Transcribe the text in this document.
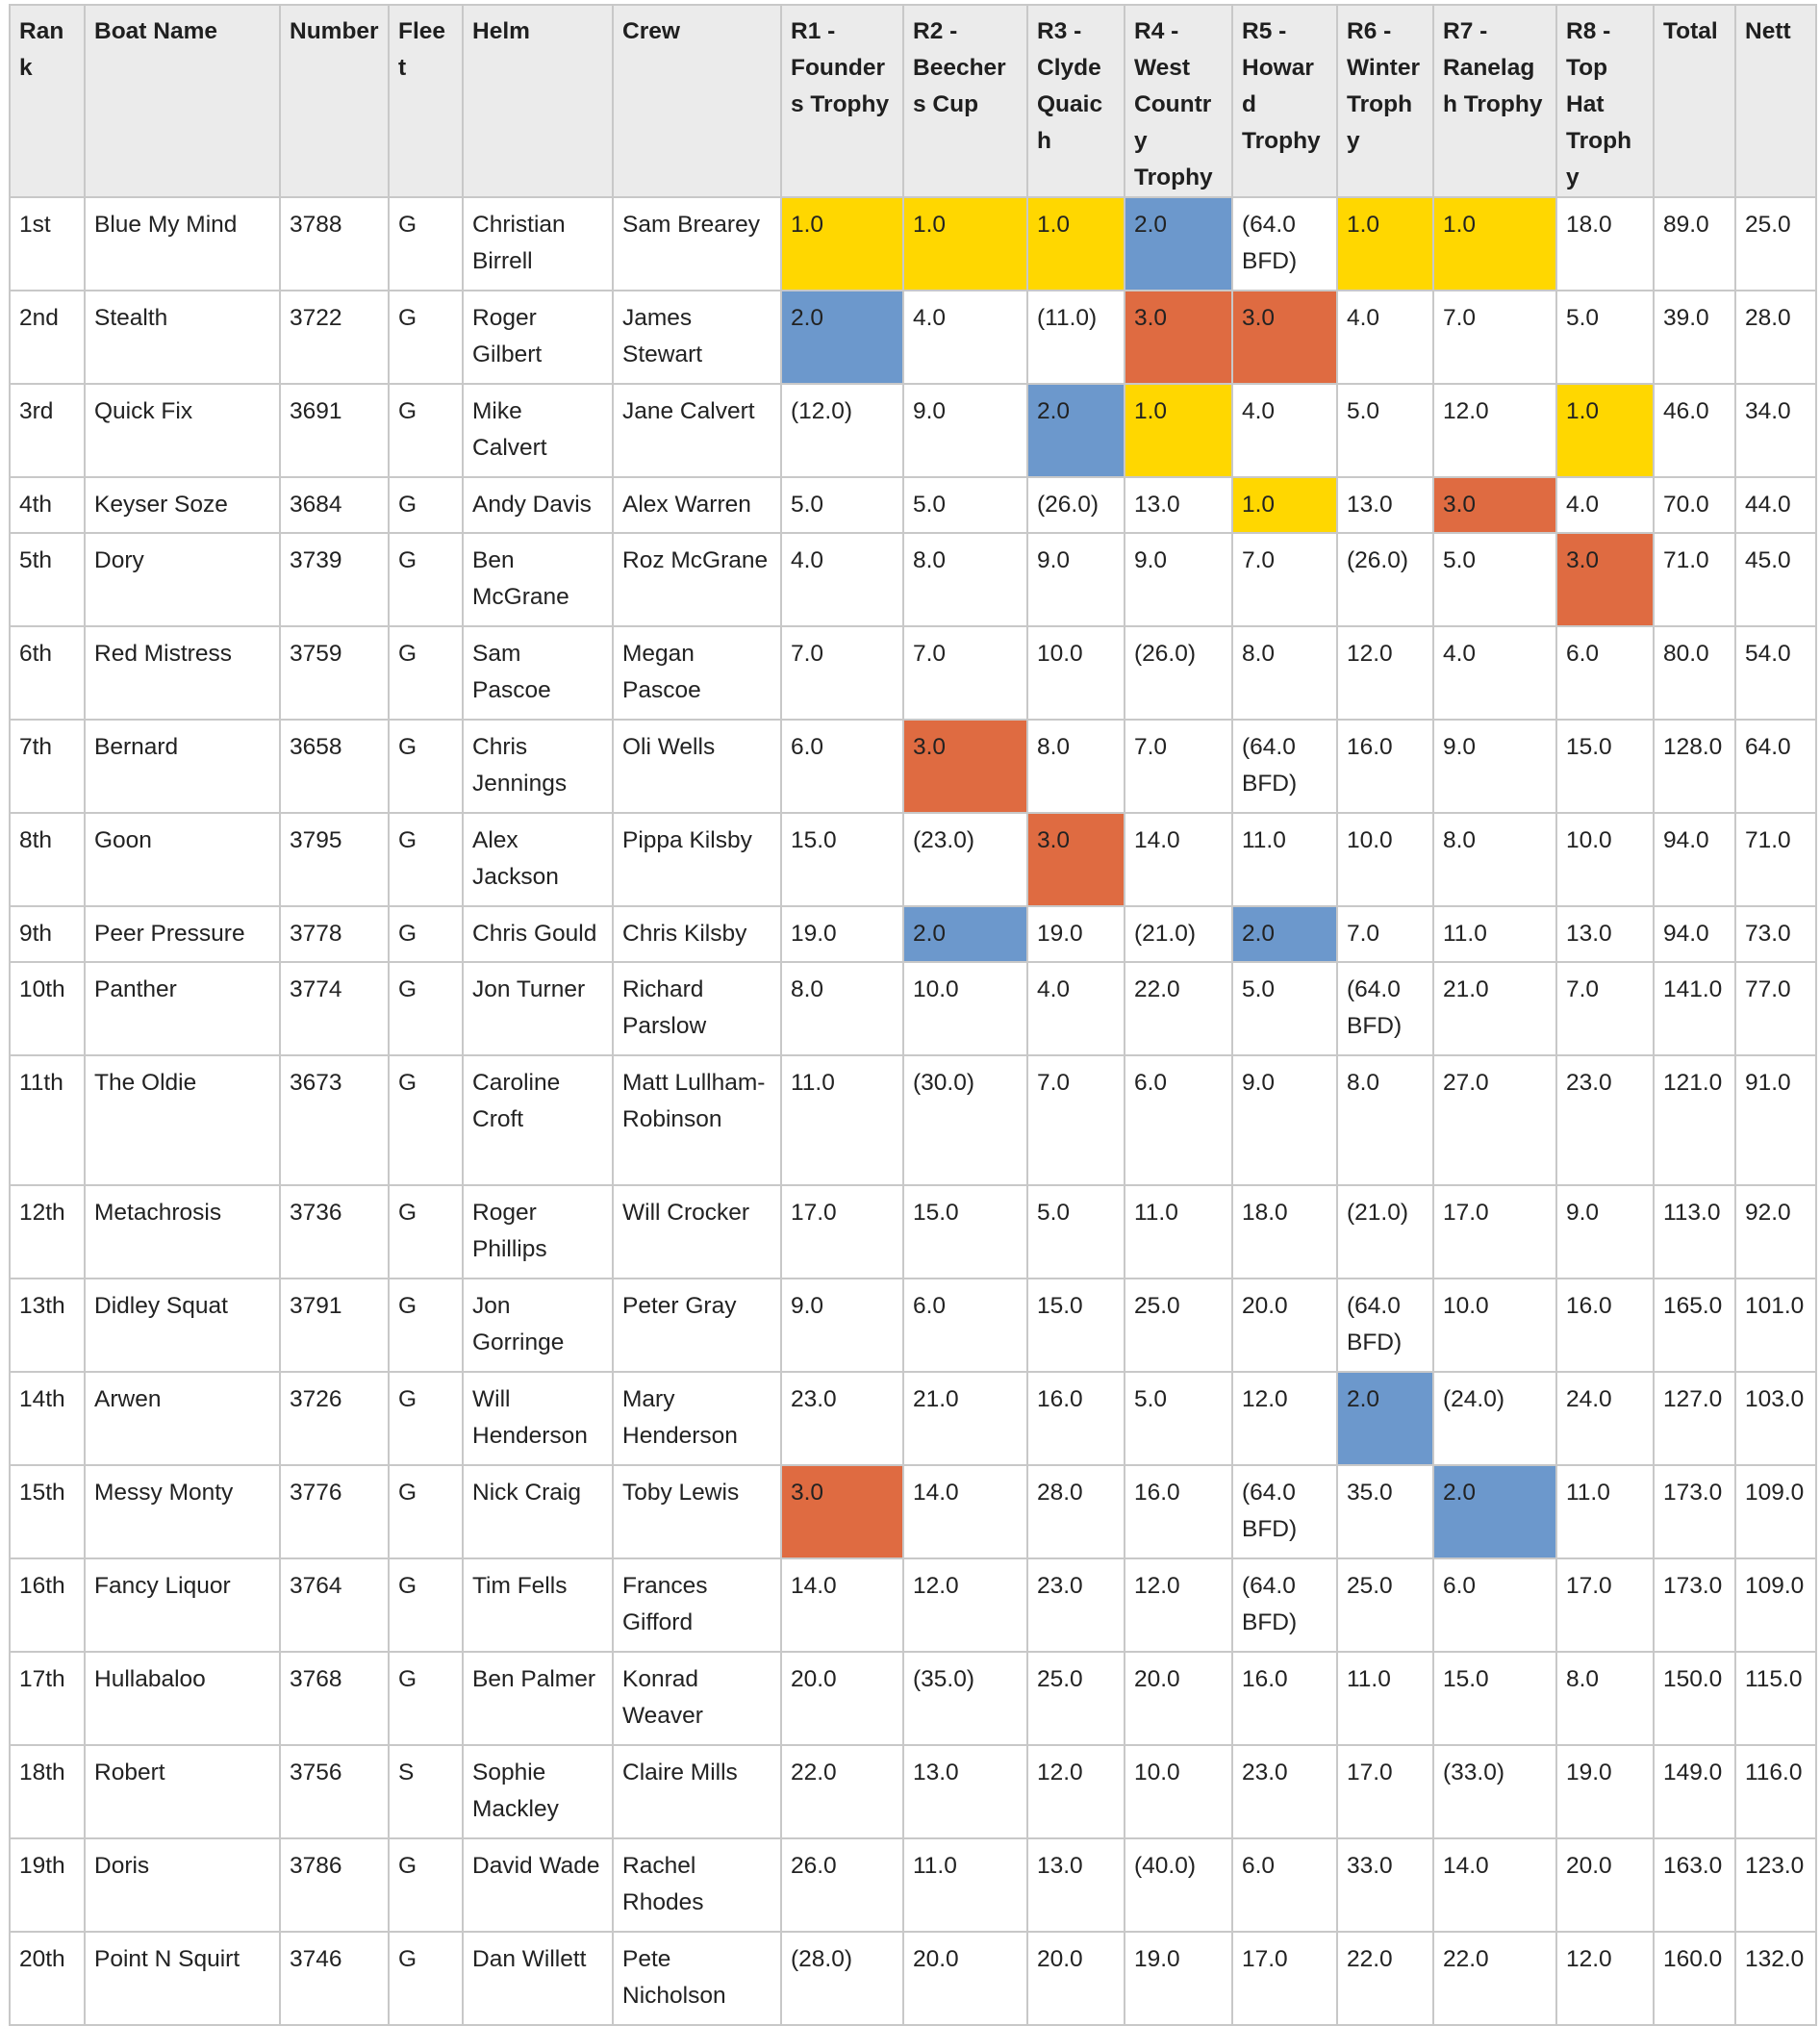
Rank	Boat Name	Number	Fleet	Helm	Crew	R1 - Founders Trophy	R2 - Beechers Cup	R3 - Clyde Quaich	R4 - West Country Trophy	R5 - Howard Trophy	R6 - Winter Trophy	R7 - Ranelagh Trophy	R8 - Top Hat Trophy	Total	Nett
1st	Blue My Mind	3788	G	Christian Birrell	Sam Brearey	1.0	1.0	1.0	2.0	(64.0 BFD)	1.0	1.0	18.0	89.0	25.0
2nd	Stealth	3722	G	Roger Gilbert	James Stewart	2.0	4.0	(11.0)	3.0	3.0	4.0	7.0	5.0	39.0	28.0
3rd	Quick Fix	3691	G	Mike Calvert	Jane Calvert	(12.0)	9.0	2.0	1.0	4.0	5.0	12.0	1.0	46.0	34.0
4th	Keyser Soze	3684	G	Andy Davis	Alex Warren	5.0	5.0	(26.0)	13.0	1.0	13.0	3.0	4.0	70.0	44.0
5th	Dory	3739	G	Ben McGrane	Roz McGrane	4.0	8.0	9.0	9.0	7.0	(26.0)	5.0	3.0	71.0	45.0
6th	Red Mistress	3759	G	Sam Pascoe	Megan Pascoe	7.0	7.0	10.0	(26.0)	8.0	12.0	4.0	6.0	80.0	54.0
7th	Bernard	3658	G	Chris Jennings	Oli Wells	6.0	3.0	8.0	7.0	(64.0 BFD)	16.0	9.0	15.0	128.0	64.0
8th	Goon	3795	G	Alex Jackson	Pippa Kilsby	15.0	(23.0)	3.0	14.0	11.0	10.0	8.0	10.0	94.0	71.0
9th	Peer Pressure	3778	G	Chris Gould	Chris Kilsby	19.0	2.0	19.0	(21.0)	2.0	7.0	11.0	13.0	94.0	73.0
10th	Panther	3774	G	Jon Turner	Richard Parslow	8.0	10.0	4.0	22.0	5.0	(64.0 BFD)	21.0	7.0	141.0	77.0
11th	The Oldie	3673	G	Caroline Croft	Matt Lullham-Robinson	11.0	(30.0)	7.0	6.0	9.0	8.0	27.0	23.0	121.0	91.0
12th	Metachrosis	3736	G	Roger Phillips	Will Crocker	17.0	15.0	5.0	11.0	18.0	(21.0)	17.0	9.0	113.0	92.0
13th	Didley Squat	3791	G	Jon Gorringe	Peter Gray	9.0	6.0	15.0	25.0	20.0	(64.0 BFD)	10.0	16.0	165.0	101.0
14th	Arwen	3726	G	Will Henderson	Mary Henderson	23.0	21.0	16.0	5.0	12.0	2.0	(24.0)	24.0	127.0	103.0
15th	Messy Monty	3776	G	Nick Craig	Toby Lewis	3.0	14.0	28.0	16.0	(64.0 BFD)	35.0	2.0	11.0	173.0	109.0
16th	Fancy Liquor	3764	G	Tim Fells	Frances Gifford	14.0	12.0	23.0	12.0	(64.0 BFD)	25.0	6.0	17.0	173.0	109.0
17th	Hullabaloo	3768	G	Ben Palmer	Konrad Weaver	20.0	(35.0)	25.0	20.0	16.0	11.0	15.0	8.0	150.0	115.0
18th	Robert	3756	S	Sophie Mackley	Claire Mills	22.0	13.0	12.0	10.0	23.0	17.0	(33.0)	19.0	149.0	116.0
19th	Doris	3786	G	David Wade	Rachel Rhodes	26.0	11.0	13.0	(40.0)	6.0	33.0	14.0	20.0	163.0	123.0
20th	Point N Squirt	3746	G	Dan Willett	Pete Nicholson	(28.0)	20.0	20.0	19.0	17.0	22.0	22.0	12.0	160.0	132.0
